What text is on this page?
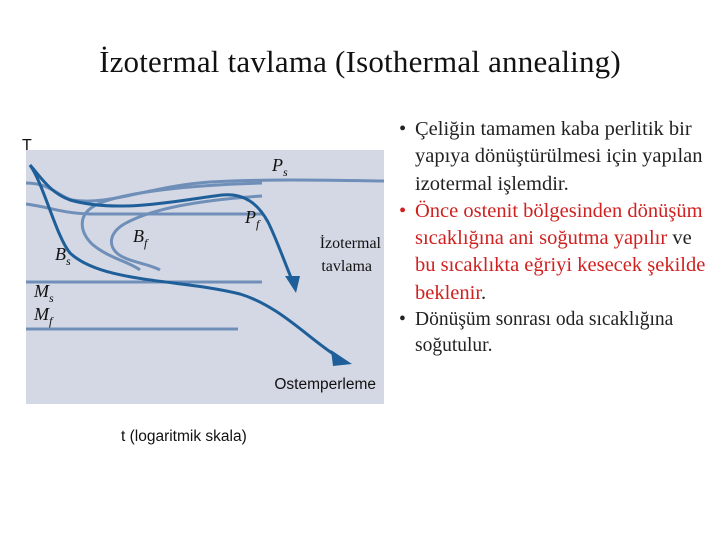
İzotermal tavlama (Isothermal annealing)
T
t (logaritmik skala)
$P_s$
$P_f$
$B_f$
$B_s$
$M_s$
$M_f$
İzotermal
tavlama
Ostemperleme
• Çeliğin tamamen kaba perlitik bir yapıya dönüştürülmesi için yapılan izotermal işlemdir.
• Önce ostenit bölgesinden dönüşüm sıcaklığına ani soğutma yapılır ve bu sıcaklıkta eğriyi kesecek şekilde beklenir.
• Dönüşüm sonrası oda sıcaklığına soğutulur.
